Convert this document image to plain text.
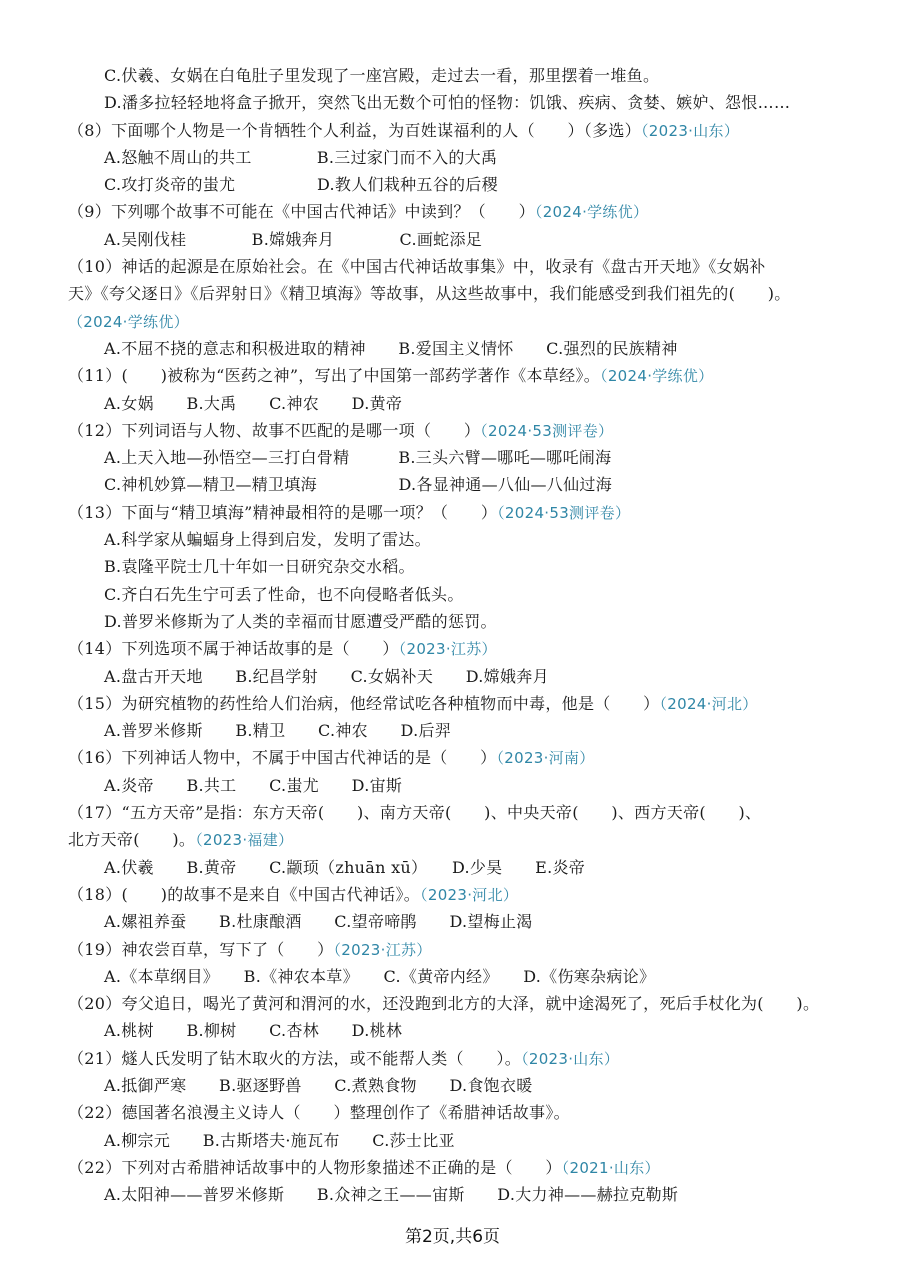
C.伏羲、女娲在白龟肚子里发现了一座宫殿，走过去一看，那里摆着一堆鱼。
D.潘多拉轻轻地将盒子掀开，突然飞出无数个可怕的怪物：饥饿、疾病、贪婪、嫉妒、怨恨……
（8）下面哪个人物是一个肯牺牲个人利益，为百姓谋福利的人（　　）（多选）（2023·山东）
A.怒触不周山的共工　　　　B.三过家门而不入的大禹
C.攻打炎帝的蚩尤　　　　　D.教人们栽种五谷的后稷
（9）下列哪个故事不可能在《中国古代神话》中读到？（　　）（2024·学练优）
A.吴刚伐桂　　　　B.嫦娥奔月　　　　C.画蛇添足
（10）神话的起源是在原始社会。在《中国古代神话故事集》中，收录有《盘古开天地》《女娲补
天》《夸父逐日》《后羿射日》《精卫填海》等故事，从这些故事中，我们能感受到我们祖先的(　　)。
（2024·学练优）
A.不屈不挠的意志和积极进取的精神　　B.爱国主义情怀　　C.强烈的民族精神
（11）(　　)被称为“医药之神”，写出了中国第一部药学著作《本草经》。（2024·学练优）
A.女娲　　B.大禹　　C.神农　　D.黄帝
（12）下列词语与人物、故事不匹配的是哪一项（　　）（2024·53测评卷）
A.上天入地—孙悟空—三打白骨精　　　B.三头六臂—哪吒—哪吒闹海
C.神机妙算—精卫—精卫填海　　　　　D.各显神通—八仙—八仙过海
（13）下面与“精卫填海”精神最相符的是哪一项？（　　）（2024·53测评卷）
A.科学家从蝙蝠身上得到启发，发明了雷达。
B.袁隆平院士几十年如一日研究杂交水稻。
C.齐白石先生宁可丢了性命，也不向侵略者低头。
D.普罗米修斯为了人类的幸福而甘愿遭受严酷的惩罚。
（14）下列选项不属于神话故事的是（　　）（2023·江苏）
A.盘古开天地　　B.纪昌学射　　C.女娲补天　　D.嫦娥奔月
（15）为研究植物的药性给人们治病，他经常试吃各种植物而中毒，他是（　　）（2024·河北）
A.普罗米修斯　　B.精卫　　C.神农　　D.后羿
（16）下列神话人物中，不属于中国古代神话的是（　　）（2023·河南）
A.炎帝　　B.共工　　C.蚩尤　　D.宙斯
（17）“五方天帝”是指：东方天帝(　　)、南方天帝(　　)、中央天帝(　　)、西方天帝(　　)、
北方天帝(　　)。（2023·福建）
A.伏羲　　B.黄帝　　C.颛顼（zhuān xū）　　D.少昊　　E.炎帝
（18）(　　)的故事不是来自《中国古代神话》。（2023·河北）
A.嫘祖养蚕　　B.杜康酿酒　　C.望帝啼鹃　　D.望梅止渴
（19）神农尝百草，写下了（　　）（2023·江苏）
A.《本草纲目》　　B.《神农本草》　　C.《黄帝内经》　　D.《伤寒杂病论》
（20）夸父追日，喝光了黄河和渭河的水，还没跑到北方的大泽，就中途渴死了，死后手杖化为(　　)。
A.桃树　　B.柳树　　C.杏林　　D.桃林
（21）燧人氏发明了钻木取火的方法，或不能帮人类（　　）。（2023·山东）
A.抵御严寒　　B.驱逐野兽　　C.煮熟食物　　D.食饱衣暖
（22）德国著名浪漫主义诗人（　　）整理创作了《希腊神话故事》。
A.柳宗元　　B.古斯塔夫·施瓦布　　C.莎士比亚
（22）下列对古希腊神话故事中的人物形象描述不正确的是（　　）（2021·山东）
A.太阳神——普罗米修斯　　B.众神之王——宙斯　　D.大力神——赫拉克勒斯
第2页,共6页
